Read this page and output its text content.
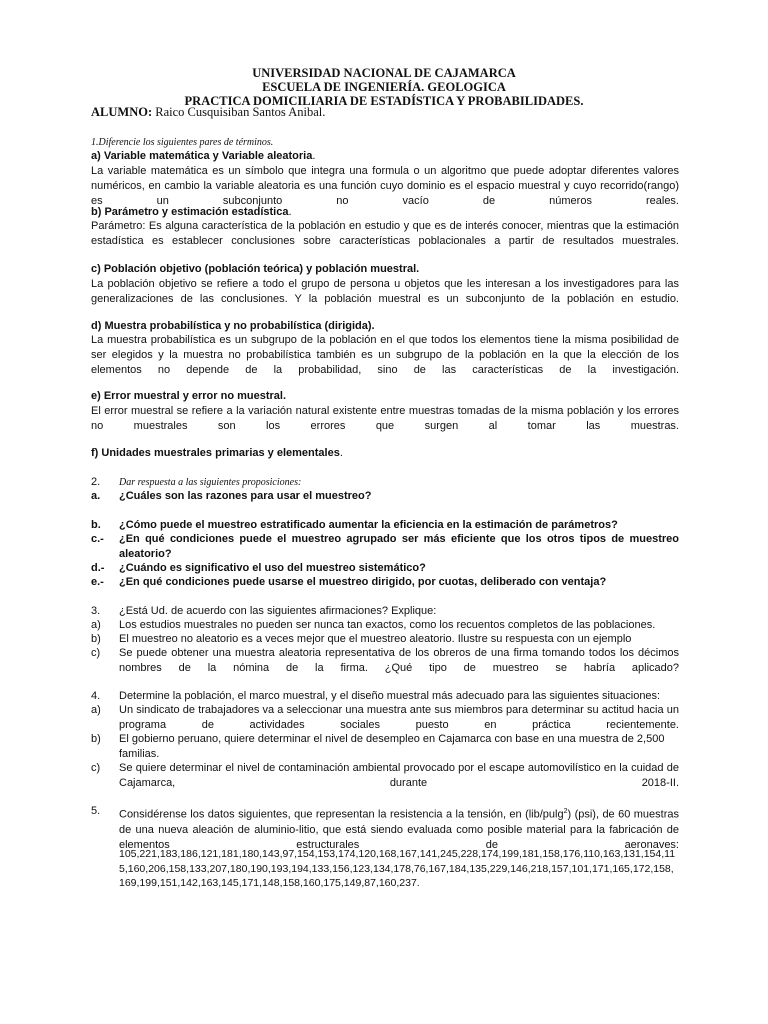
UNIVERSIDAD NACIONAL DE CAJAMARCA
ESCUELA DE INGENIERÍA. GEOLOGICA
PRACTICA DOMICILIARIA DE ESTADÍSTICA Y PROBABILIDADES.
ALUMNO: Raico Cusquisiban Santos Anibal.
1.Diferencie los siguientes pares de términos.
a) Variable matemática y Variable aleatoria.
La variable matemática es un símbolo que integra una formula o un algoritmo que puede adoptar diferentes valores numéricos, en cambio la variable aleatoria es una función cuyo dominio es el espacio muestral y cuyo recorrido(rango) es un subconjunto no vacío de números reales.
b) Parámetro y estimación estadística.
Parámetro: Es alguna característica de la población en estudio y que es de interés conocer, mientras que la estimación estadística es establecer conclusiones sobre características poblacionales a partir de resultados muestrales.
c) Población objetivo (población teórica) y población muestral.
La población objetivo se refiere a todo el grupo de persona u objetos que les interesan a los investigadores para las generalizaciones de las conclusiones. Y la población muestral es un subconjunto de la población en estudio.
d) Muestra probabilística y no probabilística (dirigida).
La muestra probabilística es un subgrupo de la población en el que todos los elementos tiene la misma posibilidad de ser elegidos y la muestra no probabilística también es un subgrupo de la población en la que la elección de los elementos no depende de la probabilidad, sino de las características de la investigación.
e) Error muestral y error no muestral.
El error muestral se refiere a la variación natural existente entre muestras tomadas de la misma población y los errores no muestrales son los errores que surgen al tomar las muestras.
f) Unidades muestrales primarias y elementales.
2. Dar respuesta a las siguientes proposiciones:
a. ¿Cuáles son las razones para usar el muestreo?
b. ¿Cómo puede el muestreo estratificado aumentar la eficiencia en la estimación de parámetros?
c.- ¿En qué condiciones puede el muestreo agrupado ser más eficiente que los otros tipos de muestreo aleatorio?
d.- ¿Cuándo es significativo el uso del muestreo sistemático?
e.- ¿En qué condiciones puede usarse el muestreo dirigido, por cuotas, deliberado con ventaja?
3. ¿Está Ud. de acuerdo con las siguientes afirmaciones? Explique:
a) Los estudios muestrales no pueden ser nunca tan exactos, como los recuentos completos de las poblaciones.
b) El muestreo no aleatorio es a veces mejor que el muestreo aleatorio. Ilustre su respuesta con un ejemplo
c) Se puede obtener una muestra aleatoria representativa de los obreros de una firma tomando todos los décimos nombres de la nómina de la firma. ¿Qué tipo de muestreo se habría aplicado?
4. Determine la población, el marco muestral, y el diseño muestral más adecuado para las siguientes situaciones:
a) Un sindicato de trabajadores va a seleccionar una muestra ante sus miembros para determinar su actitud hacia un programa de actividades sociales puesto en práctica recientemente.
b) El gobierno peruano, quiere determinar el nivel de desempleo en Cajamarca con base en una muestra de 2,500 familias.
c) Se quiere determinar el nivel de contaminación ambiental provocado por el escape automovilístico en la cuidad de Cajamarca, durante 2018-II.
5. Considérense los datos siguientes, que representan la resistencia a la tensión, en (lib/pulg$^2$) (psi), de 60 muestras de una nueva aleación de aluminio-litio, que está siendo evaluada como posible material para la fabricación de elementos estructurales de aeronaves:
105,221,183,186,121,181,180,143,97,154,153,174,120,168,167,141,245,228,174,199,181,158,176,110,163,131,154,115,160,206,158,133,207,180,190,193,194,133,156,123,134,178,76,167,184,135,229,146,218,157,101,171,165,172,158,169,199,151,142,163,145,171,148,158,160,175,149,87,160,237.
